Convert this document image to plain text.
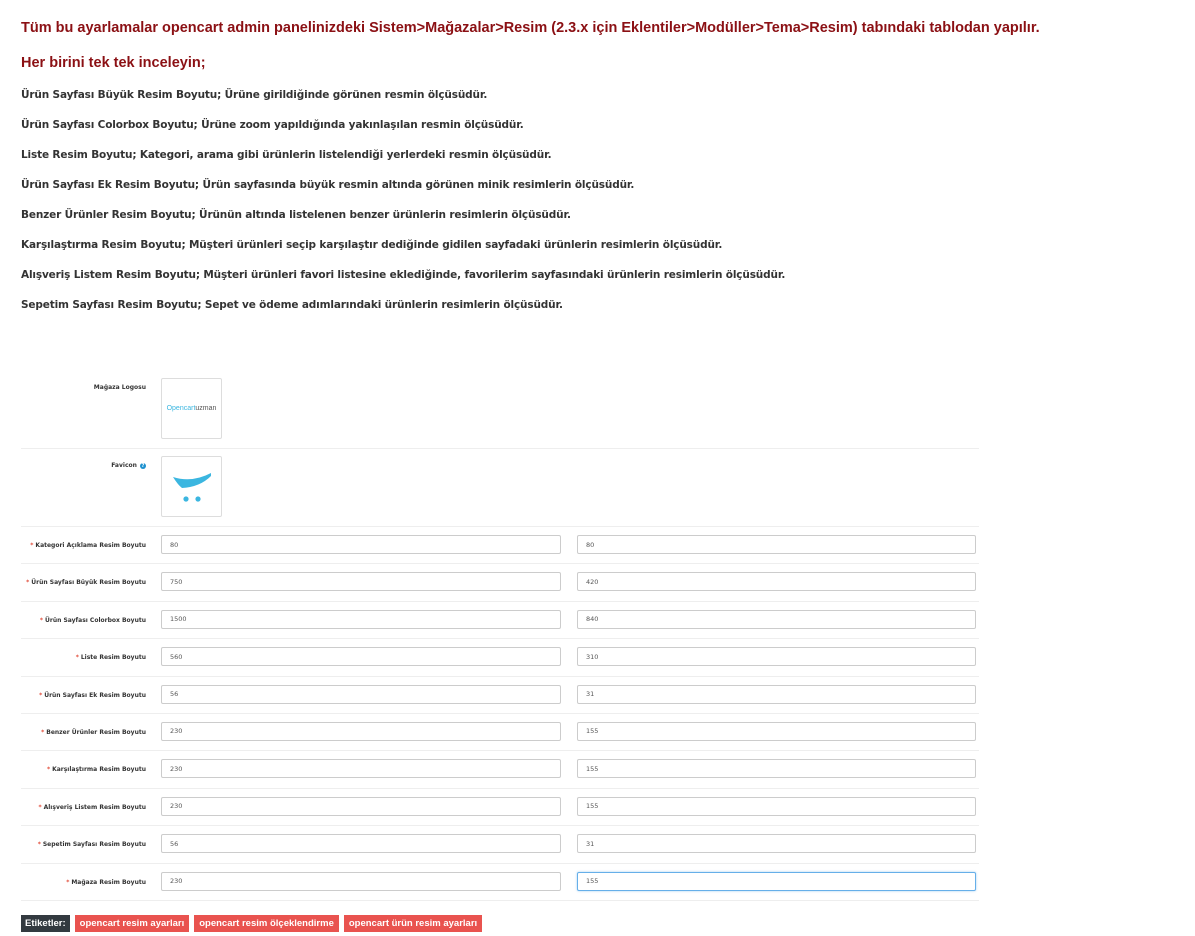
Tüm bu ayarlamalar opencart admin panelinizdeki Sistem>Mağazalar>Resim (2.3.x için Eklentiler>Modüller>Tema>Resim) tabındaki tablodan yapılır.

Her birini tek tek inceleyin;

Ürün Sayfası Büyük Resim Boyutu; Ürüne girildiğinde görünen resmin ölçüsüdür.
Ürün Sayfası Colorbox Boyutu; Ürüne zoom yapıldığında yakınlaşılan resmin ölçüsüdür.
Liste Resim Boyutu; Kategori, arama gibi ürünlerin listelendiği yerlerdeki resmin ölçüsüdür.
Ürün Sayfası Ek Resim Boyutu; Ürün sayfasında büyük resmin altında görünen minik resimlerin ölçüsüdür.
Benzer Ürünler Resim Boyutu; Ürünün altında listelenen benzer ürünlerin resimlerin ölçüsüdür.
Karşılaştırma Resim Boyutu; Müşteri ürünleri seçip karşılaştır dediğinde gidilen sayfadaki ürünlerin resimlerin ölçüsüdür.
Alışveriş Listem Resim Boyutu; Müşteri ürünleri favori listesine eklediğinde, favorilerim sayfasındaki ürünlerin resimlerin ölçüsüdür.
Sepetim Sayfası Resim Boyutu; Sepet ve ödeme adımlarındaki ürünlerin resimlerin ölçüsüdür.
Mağaza Logosu
Opencartuzman
Favicon ?
* Kategori Açıklama Resim Boyutu
80
80
* Ürün Sayfası Büyük Resim Boyutu
750
420
* Ürün Sayfası Colorbox Boyutu
1500
840
* Liste Resim Boyutu
560
310
* Ürün Sayfası Ek Resim Boyutu
56
31
* Benzer Ürünler Resim Boyutu
230
155
* Karşılaştırma Resim Boyutu
230
155
* Alışveriş Listem Resim Boyutu
230
155
* Sepetim Sayfası Resim Boyutu
56
31
* Mağaza Resim Boyutu
230
155
Etiketler:	opencart resim ayarları	opencart resim ölçeklendirme	opencart ürün resim ayarları
